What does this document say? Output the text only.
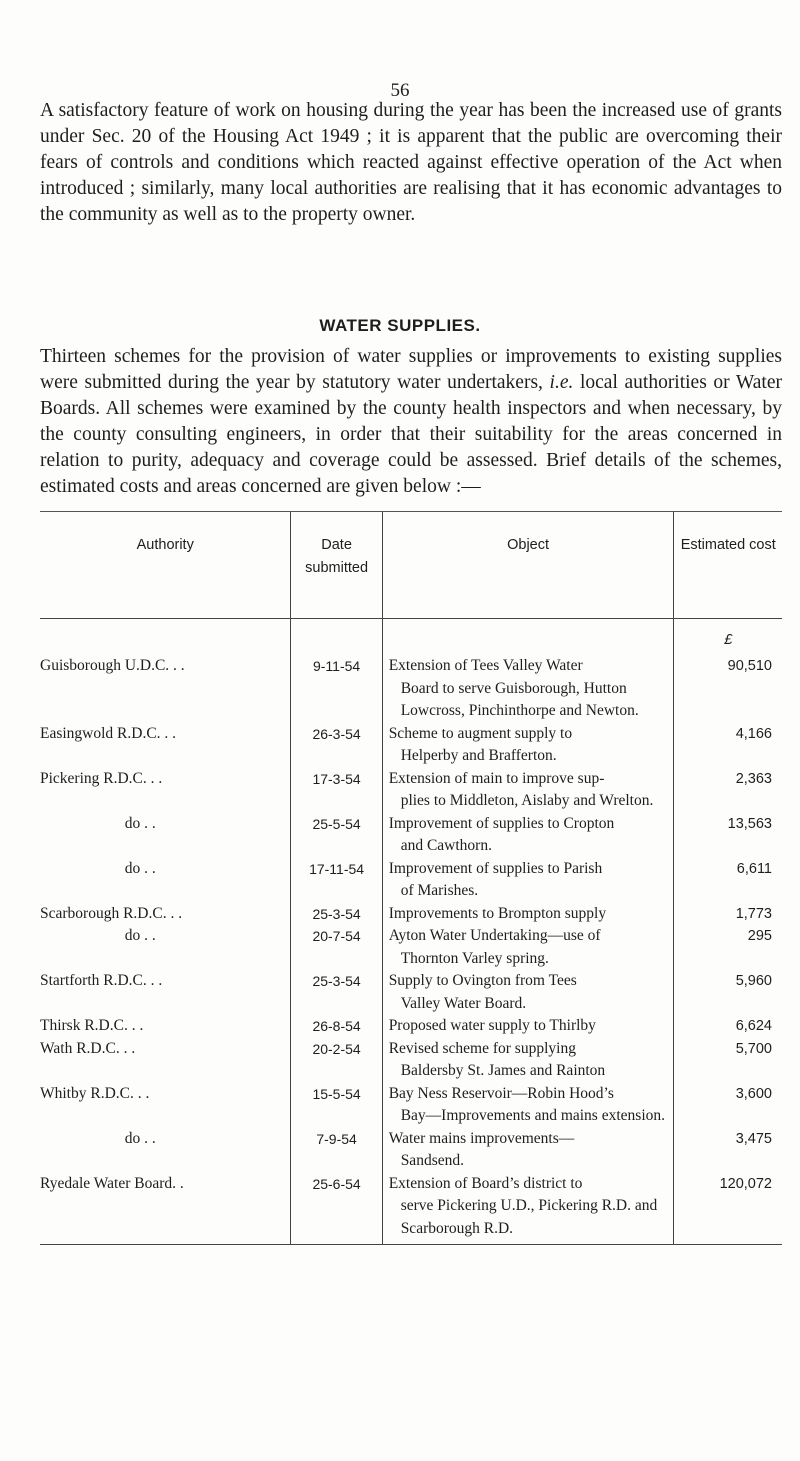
56

A satisfactory feature of work on housing during the year has been the increased use of grants under Sec. 20 of the Housing Act 1949 ; it is apparent that the public are overcoming their fears of controls and conditions which reacted against effective operation of the Act when introduced ; similarly, many local authorities are realising that it has economic advantages to the community as well as to the property owner.

WATER SUPPLIES.

Thirteen schemes for the provision of water supplies or improvements to existing supplies were submitted during the year by statutory water undertakers, i.e. local authorities or Water Boards. All schemes were examined by the county health inspectors and when necessary, by the county consulting engineers, in order that their suitability for the areas concerned in relation to purity, adequacy and coverage could be assessed. Brief details of the schemes, estimated costs and areas concerned are given below :—

Authority	Date submitted	Object	Estimated cost
			£
Guisborough U.D.C. . .	9-11-54	Extension of Tees Valley Water
Board to serve Guisborough, Hutton Lowcross, Pinchinthorpe and Newton.	90,510
Easingwold R.D.C. . .	26-3-54	Scheme to augment supply to
Helperby and Brafferton.	4,166
Pickering R.D.C. . .	17-3-54	Extension of main to improve sup-
plies to Middleton, Aislaby and Wrelton.	2,363
do . .	25-5-54	Improvement of supplies to Cropton
and Cawthorn.	13,563
do . .	17-11-54	Improvement of supplies to Parish
of Marishes.	6,611
Scarborough R.D.C. . .	25-3-54	Improvements to Brompton supply	1,773
do . .	20-7-54	Ayton Water Undertaking—use of
Thornton Varley spring.	295
Startforth R.D.C. . .	25-3-54	Supply to Ovington from Tees
Valley Water Board.	5,960
Thirsk R.D.C. . .	26-8-54	Proposed water supply to Thirlby	6,624
Wath R.D.C. . .	20-2-54	Revised scheme for supplying
Baldersby St. James and Rainton	5,700
Whitby R.D.C. . .	15-5-54	Bay Ness Reservoir—Robin Hood’s
Bay—Improvements and mains extension.	3,600
do . .	7-9-54	Water mains improvements—
Sandsend.	3,475
Ryedale Water Board. .	25-6-54	Extension of Board’s district to
serve Pickering U.D., Pickering R.D. and Scarborough R.D.	120,072
